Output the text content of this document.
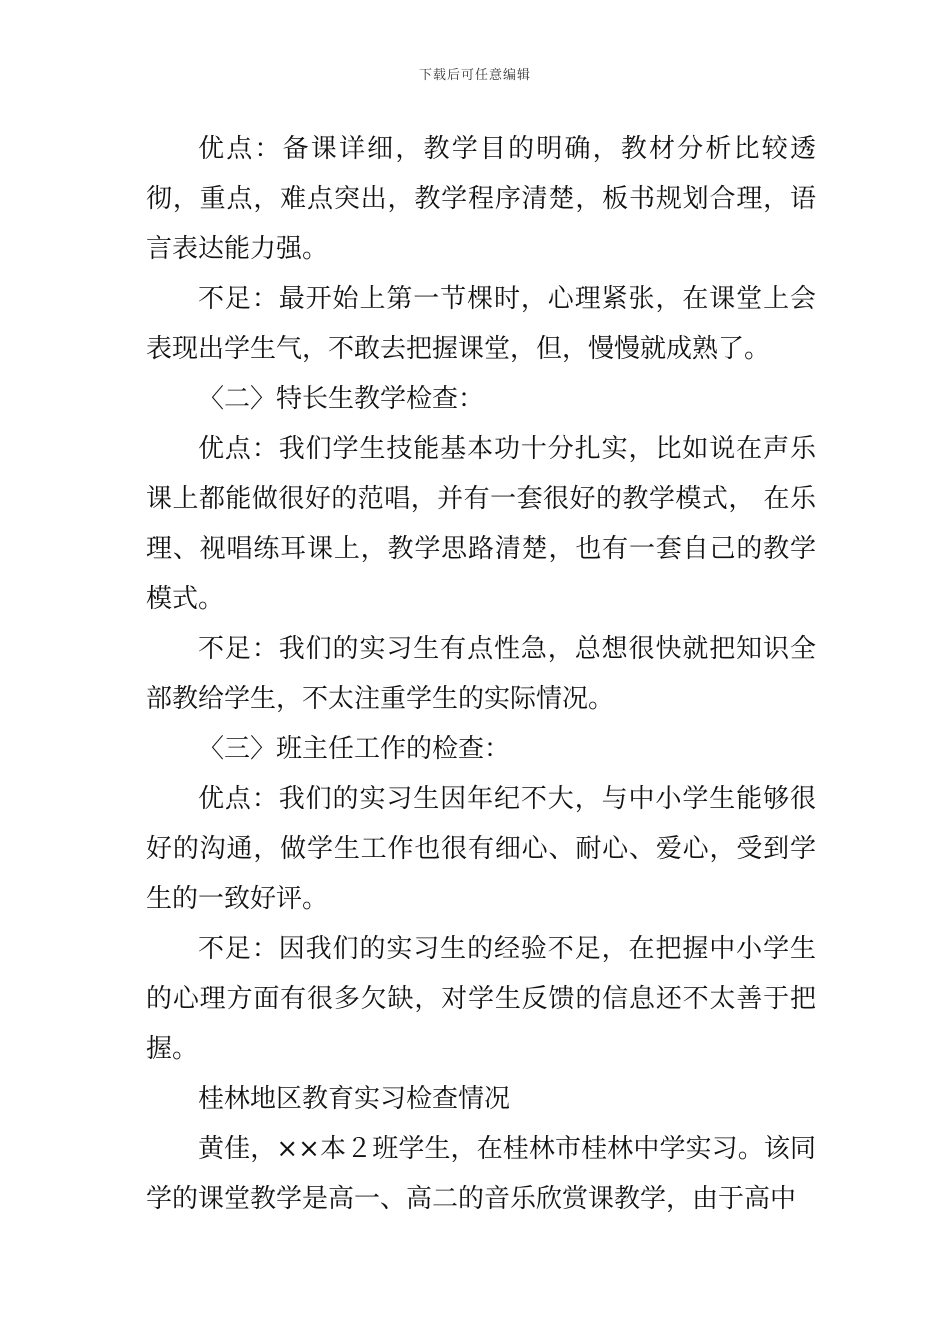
下载后可任意编辑

优点：备课详细，教学目的明确，教材分析比较透彻，重点，难点突出，教学程序清楚，板书规划合理，语言表达能力强。

不足：最开始上第一节棵时，心理紧张，在课堂上会表现出学生气，不敢去把握课堂，但，慢慢就成熟了。

〈二〉特长生教学检查：

优点：我们学生技能基本功十分扎实，比如说在声乐课上都能做很好的范唱，并有一套很好的教学模式， 在乐理、视唱练耳课上，教学思路清楚，也有一套自己的教学模式。

不足：我们的实习生有点性急，总想很快就把知识全部教给学生，不太注重学生的实际情况。

〈三〉班主任工作的检查：

优点：我们的实习生因年纪不大，与中小学生能够很好的沟通，做学生工作也很有细心、耐心、爱心，受到学生的一致好评。

不足：因我们的实习生的经验不足，在把握中小学生的心理方面有很多欠缺，对学生反馈的信息还不太善于把握。

桂林地区教育实习检查情况

黄佳，××本２班学生，在桂林市桂林中学实习。该同学的课堂教学是高一、高二的音乐欣赏课教学，由于高中
